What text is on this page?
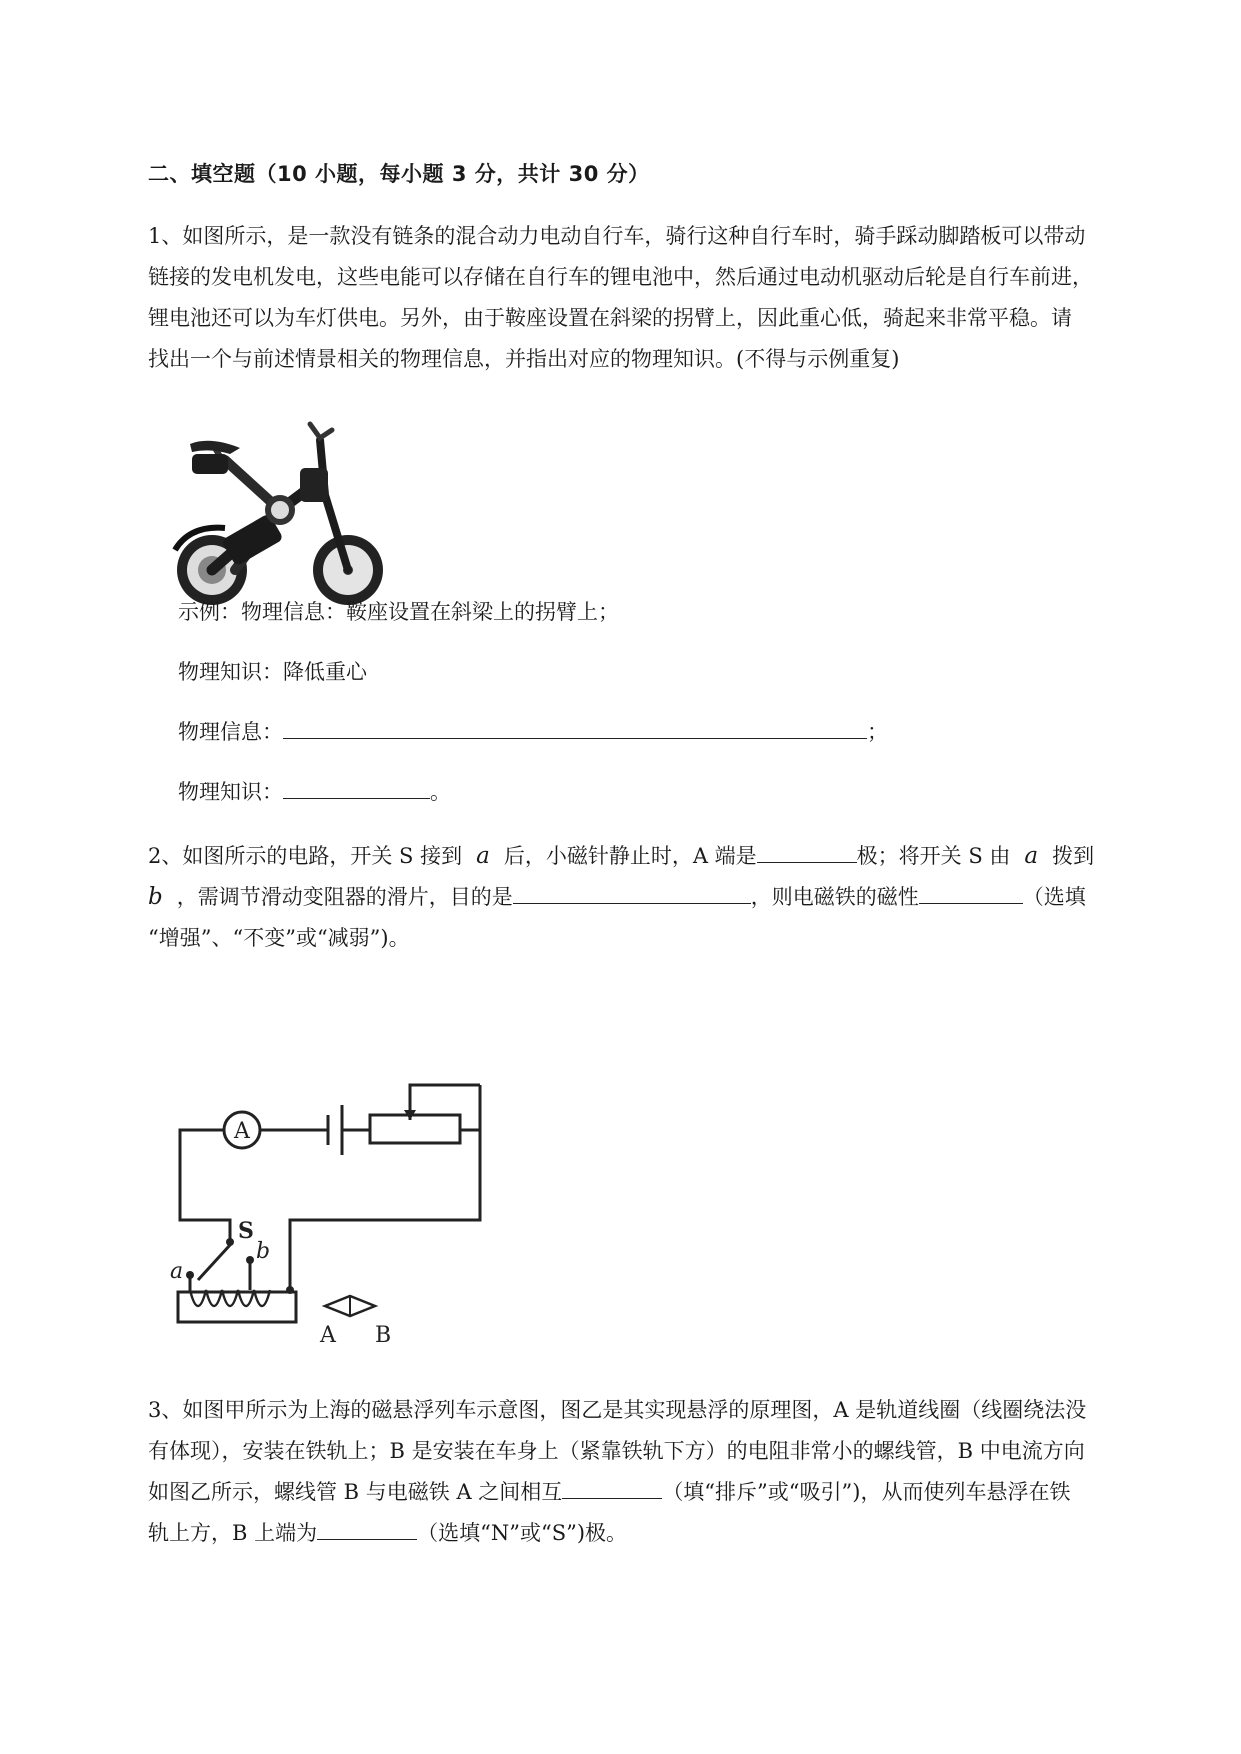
二、填空题（10 小题，每小题 3 分，共计 30 分）
1、如图所示，是一款没有链条的混合动力电动自行车，骑行这种自行车时，骑手踩动脚踏板可以带动
链接的发电机发电，这些电能可以存储在自行车的锂电池中，然后通过电动机驱动后轮是自行车前进，
锂电池还可以为车灯供电。另外，由于鞍座设置在斜梁的拐臂上，因此重心低，骑起来非常平稳。请
找出一个与前述情景相关的物理信息，并指出对应的物理知识。(不得与示例重复)
示例：物理信息：鞍座设置在斜梁上的拐臂上；
物理知识：降低重心
物理信息：	；
物理知识：	。
2、如图所示的电路，开关 S 接到 a 后，小磁针静止时，A 端是	极；将开关 S 由 a 拨到
b ，需调节滑动变阻器的滑片，目的是	，则电磁铁的磁性	（选填
“增强”、“不变”或“减弱”)。
A
S
a
b
A B
3、如图甲所示为上海的磁悬浮列车示意图，图乙是其实现悬浮的原理图，A 是轨道线圈（线圈绕法没
有体现），安装在铁轨上；B 是安装在车身上（紧靠铁轨下方）的电阻非常小的螺线管，B 中电流方向
如图乙所示，螺线管 B 与电磁铁 A 之间相互	（填“排斥”或“吸引”)，从而使列车悬浮在铁
轨上方，B 上端为	（选填“N”或“S”)极。
